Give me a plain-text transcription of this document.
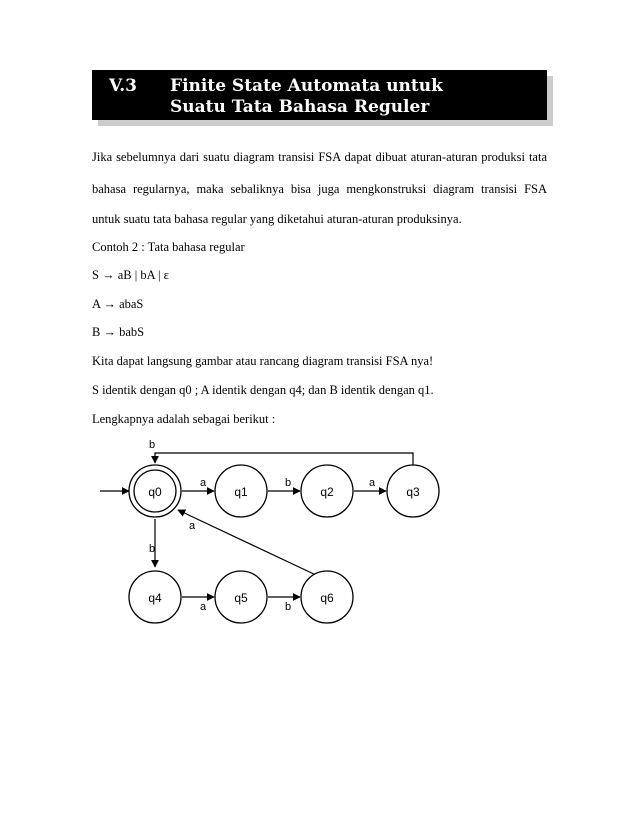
V.3 Finite State Automata untuk
Suatu Tata Bahasa Reguler
Jika sebelumnya dari suatu diagram transisi FSA dapat dibuat aturan-aturan produksi tata
bahasa regularnya, maka sebaliknya bisa juga mengkonstruksi diagram transisi FSA
untuk suatu tata bahasa regular yang diketahui aturan-aturan produksinya.
Contoh 2 : Tata bahasa regular
S → aB | bA | ε
A → abaS
B → babS
Kita dapat langsung gambar atau rancang diagram transisi FSA nya!
S identik dengan q0 ; A identik dengan q4; dan B identik dengan q1.
Lengkapnya adalah sebagai berikut :
q0	q1	q2	q3
q4	q5	q6
b
a	b	a
a
b
a	b
